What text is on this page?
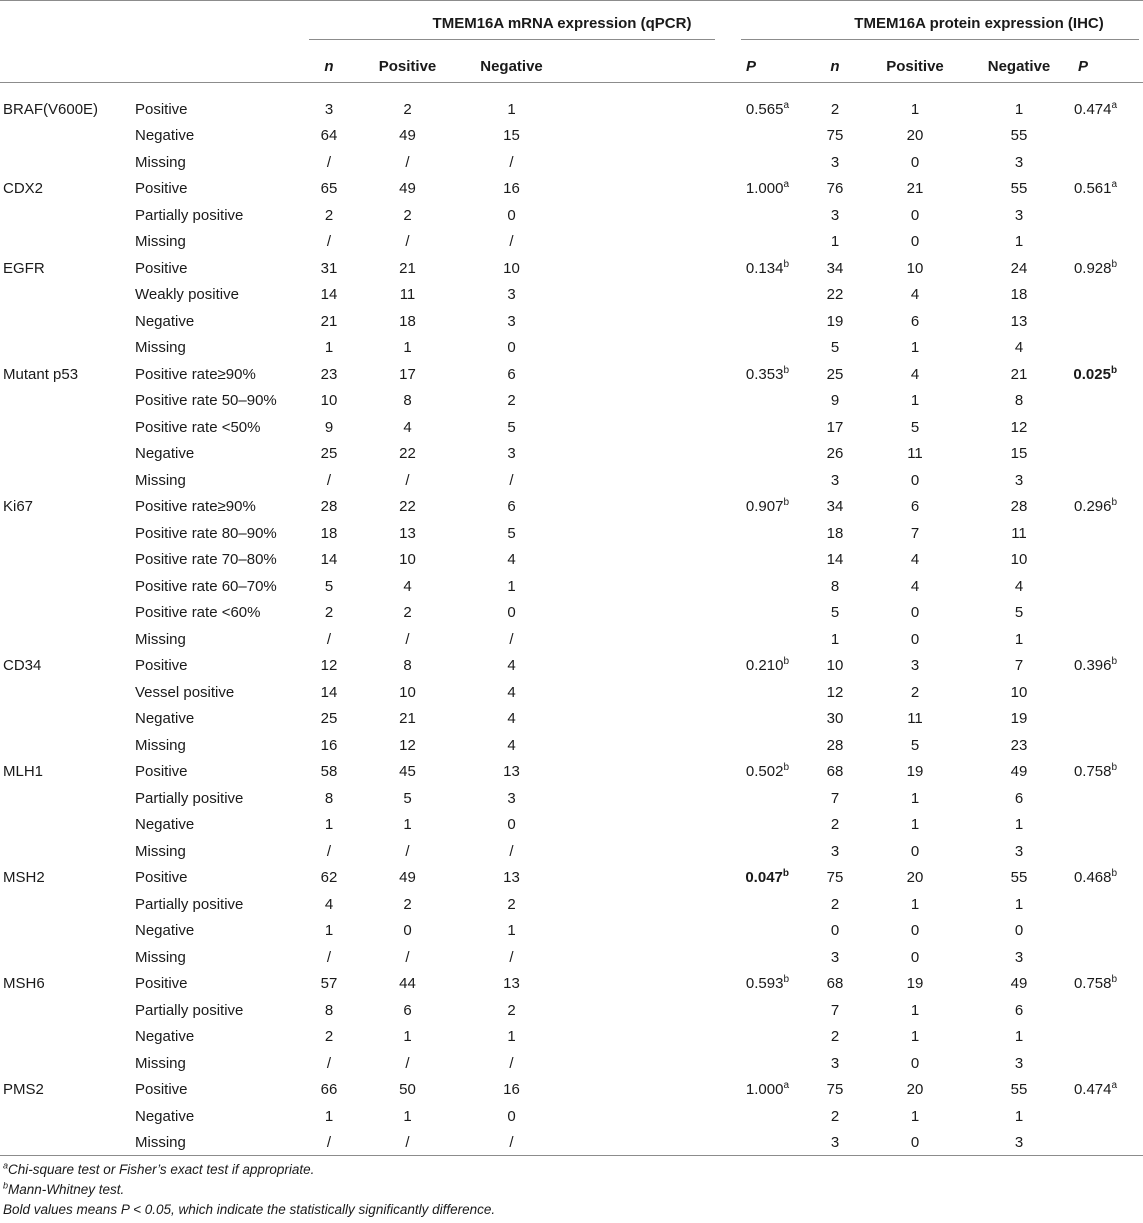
		TMEM16A mRNA expression (qPCR)				TMEM16A protein expression (IHC)			
		n	Positive	Negative	P	n	Positive	Negative	P

BRAF(V600E)	Positive	3	2	1	0.565$^a$	2	1	1	0.474$^a$
	Negative	64	49	15		75	20	55	
	Missing	/	/	/		3	0	3	
CDX2	Positive	65	49	16	1.000$^a$	76	21	55	0.561$^a$
	Partially positive	2	2	0		3	0	3	
	Missing	/	/	/		1	0	1	
EGFR	Positive	31	21	10	0.134$^b$	34	10	24	0.928$^b$
	Weakly positive	14	11	3		22	4	18	
	Negative	21	18	3		19	6	13	
	Missing	1	1	0		5	1	4	
Mutant p53	Positive rate≥90%	23	17	6	0.353$^b$	25	4	21	0.025$^b$
	Positive rate 50–90%	10	8	2		9	1	8	
	Positive rate <50%	9	4	5		17	5	12	
	Negative	25	22	3		26	11	15	
	Missing	/	/	/		3	0	3	
Ki67	Positive rate≥90%	28	22	6	0.907$^b$	34	6	28	0.296$^b$
	Positive rate 80–90%	18	13	5		18	7	11	
	Positive rate 70–80%	14	10	4		14	4	10	
	Positive rate 60–70%	5	4	1		8	4	4	
	Positive rate <60%	2	2	0		5	0	5	
	Missing	/	/	/		1	0	1	
CD34	Positive	12	8	4	0.210$^b$	10	3	7	0.396$^b$
	Vessel positive	14	10	4		12	2	10	
	Negative	25	21	4		30	11	19	
	Missing	16	12	4		28	5	23	
MLH1	Positive	58	45	13	0.502$^b$	68	19	49	0.758$^b$
	Partially positive	8	5	3		7	1	6	
	Negative	1	1	0		2	1	1	
	Missing	/	/	/		3	0	3	
MSH2	Positive	62	49	13	0.047$^b$	75	20	55	0.468$^b$
	Partially positive	4	2	2		2	1	1	
	Negative	1	0	1		0	0	0	
	Missing	/	/	/		3	0	3	
MSH6	Positive	57	44	13	0.593$^b$	68	19	49	0.758$^b$
	Partially positive	8	6	2		7	1	6	
	Negative	2	1	1		2	1	1	
	Missing	/	/	/		3	0	3	
PMS2	Positive	66	50	16	1.000$^a$	75	20	55	0.474$^a$
	Negative	1	1	0		2	1	1	
	Missing	/	/	/		3	0	3	
$^a$Chi-square test or Fisher’s exact test if appropriate.
$^b$Mann-Whitney test.
Bold values means P < 0.05, which indicate the statistically significantly difference.
